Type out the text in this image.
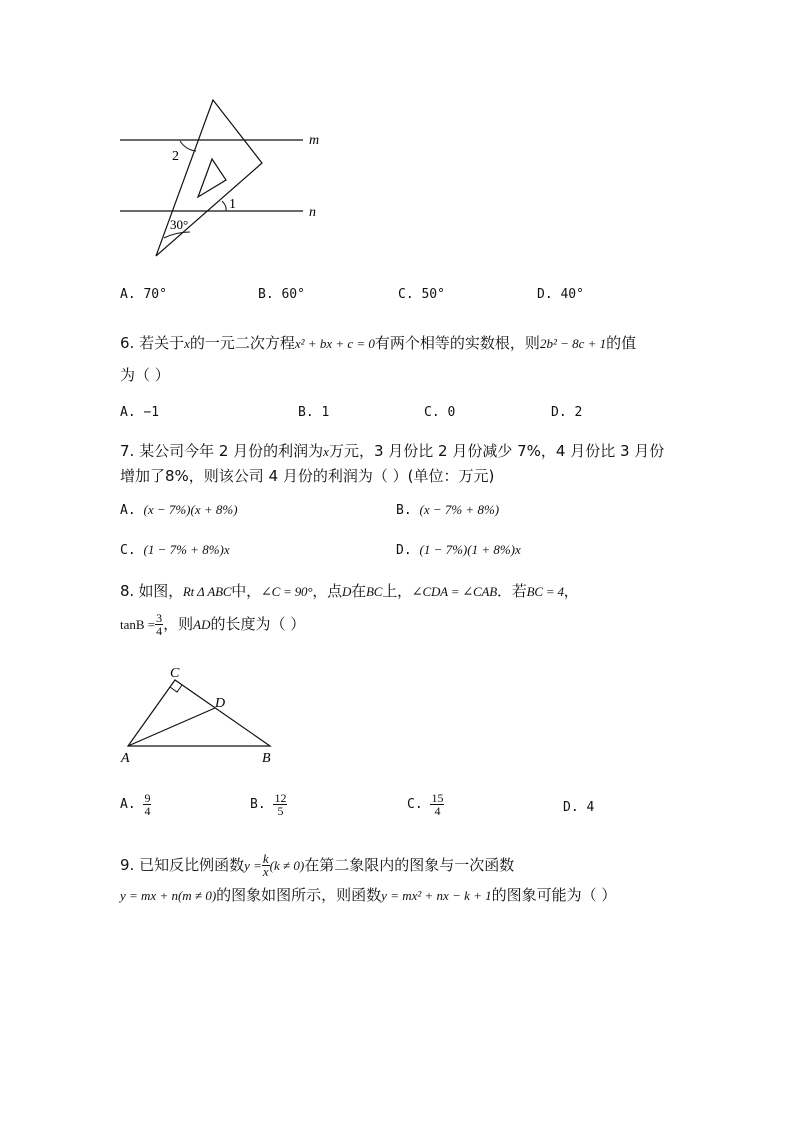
m
n
2
1
30°
A. 70°	B. 60°	C. 50°	D. 40°
6. 若关于x的一元二次方程x² + bx + c = 0有两个相等的实数根，则2b² − 8c + 1的值
为（ ）
A. −1	B. 1	C. 0	D. 2
7. 某公司今年 2 月份的利润为x万元，3 月份比 2 月份减少 7%，4 月份比 3 月份
增加了8%，则该公司 4 月份的利润为（ ）(单位：万元)
A. (x − 7%)(x + 8%)	B. (x − 7% + 8%)
C. (1 − 7% + 8%)x	D. (1 − 7%)(1 + 8%)x
8. 如图，Rt Δ ABC中，∠C = 90°，点D在BC上，∠CDA = ∠CAB．若BC = 4，
$\tan B = \frac{3}{4}$ ，则AD的长度为（ ）
C
D
A	B
A. $\frac{9}{4}$	B. $\frac{12}{5}$	C. $\frac{15}{4}$	D. 4
9. 已知反比例函数$y = \frac{k}{x} (k \ne 0)$在第二象限内的图象与一次函数
y = mx + n(m ≠ 0)的图象如图所示，则函数y = mx² + nx − k + 1的图象可能为（ ）
